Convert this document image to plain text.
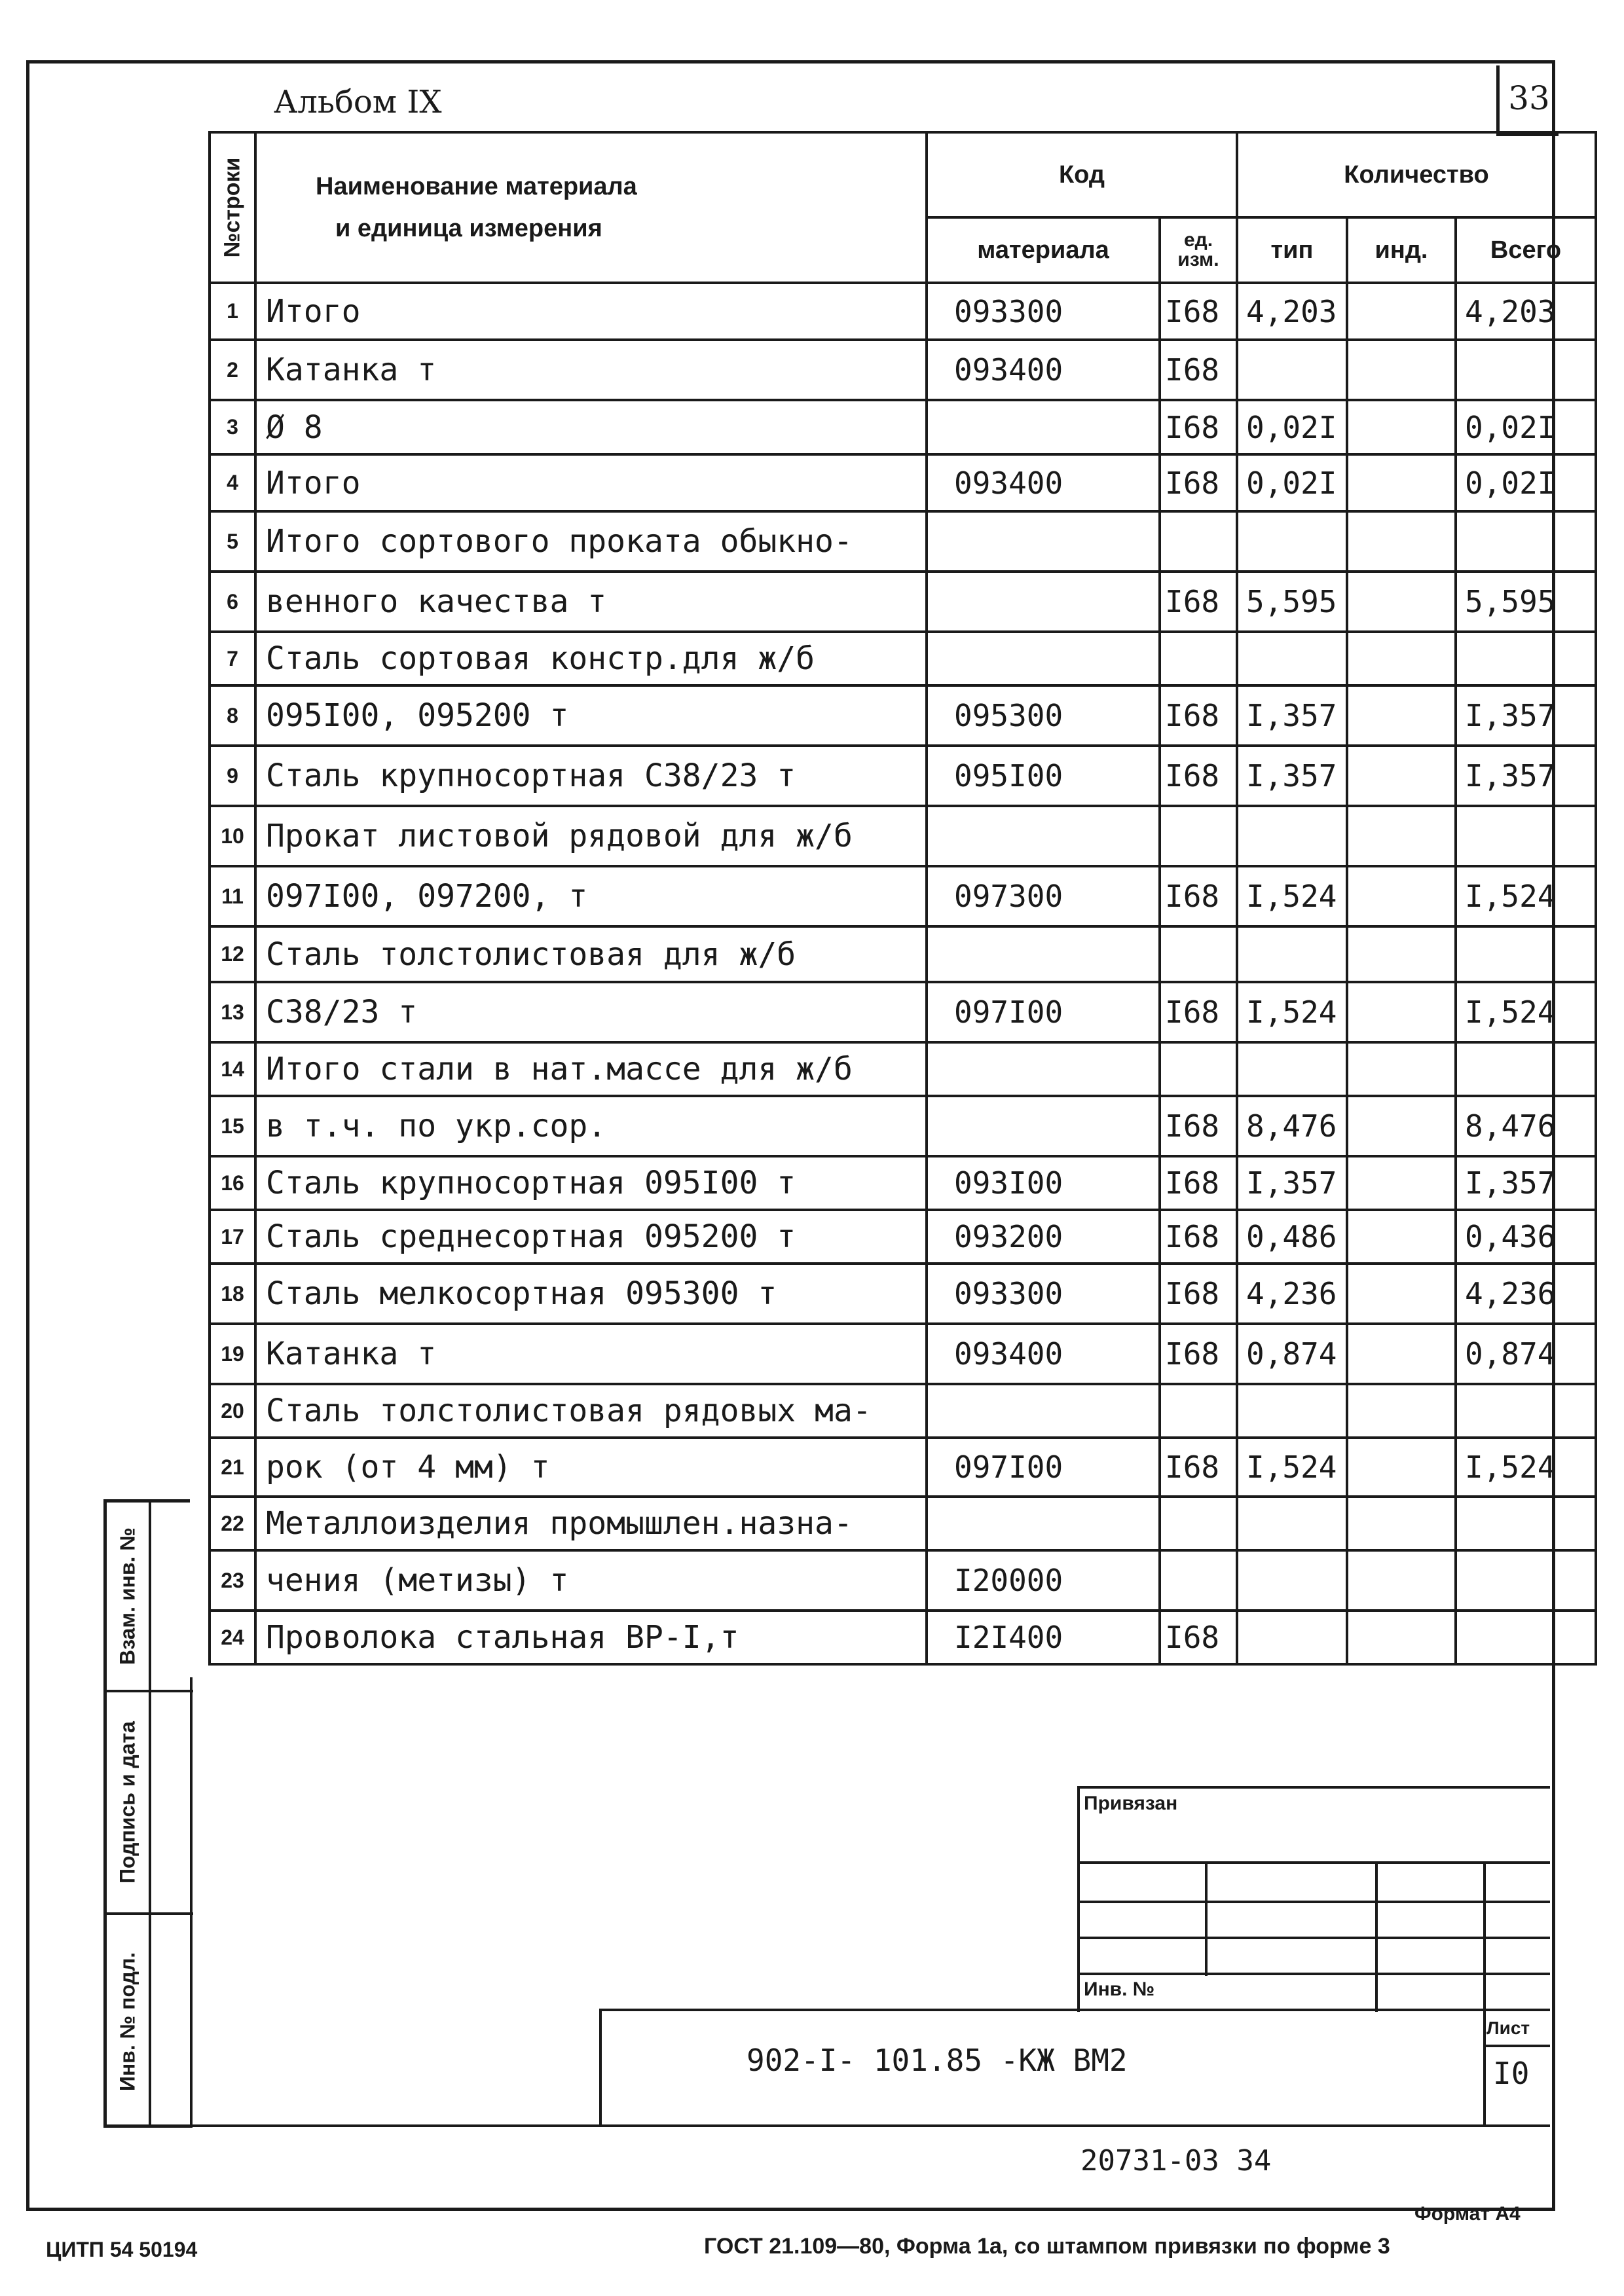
Альбом IX	33
№строки	Наименование материала
и единица измерения	Код		Количество		
		материала	ед. изм.	тип	инд.	Всего
1	Итого	093300	I68	4,203		4,203
2	Катанка т	093400	I68			
3	Ø 8		I68	0,02I		0,02I
4	Итого	093400	I68	0,02I		0,02I
5	Итого сортового проката обыкно-					
6	венного качества т		I68	5,595		5,595
7	Сталь сортовая констр.для ж/б					
8	095I00, 095200 т	095300	I68	I,357		I,357
9	Сталь крупносортная С38/23 т	095I00	I68	I,357		I,357
10	Прокат листовой рядовой для ж/б					
11	097I00, 097200, т	097300	I68	I,524		I,524
12	Сталь толстолистовая для ж/б					
13	С38/23 т	097I00	I68	I,524		I,524
14	Итого стали в нат.массе для ж/б					
15	в т.ч. по укр.сор.		I68	8,476		8,476
16	Сталь крупносортная 095I00 т	093I00	I68	I,357		I,357
17	Сталь среднесортная 095200 т	093200	I68	0,486		0,436
18	Сталь мелкосортная 095300 т	093300	I68	4,236		4,236
19	Катанка т	093400	I68	0,874		0,874
20	Сталь толстолистовая рядовых ма-					
21	рок (от 4 мм) т	097I00	I68	I,524		I,524
22	Металлоизделия промышлен.назна-					
23	чения (метизы) т	I20000				
24	Проволока стальная ВР-I,т	I2I400	I68			
Взам. инв. №
Подпись и дата
Инв. № подл.
Привязан
Инв. №
Лист
I0
902-I- 101.85 -КЖ ВМ2
20731-03 34
Формат А4
ЦИТП 54 50194	ГОСТ 21.109—80, Форма 1а, со штампом привязки по форме 3
